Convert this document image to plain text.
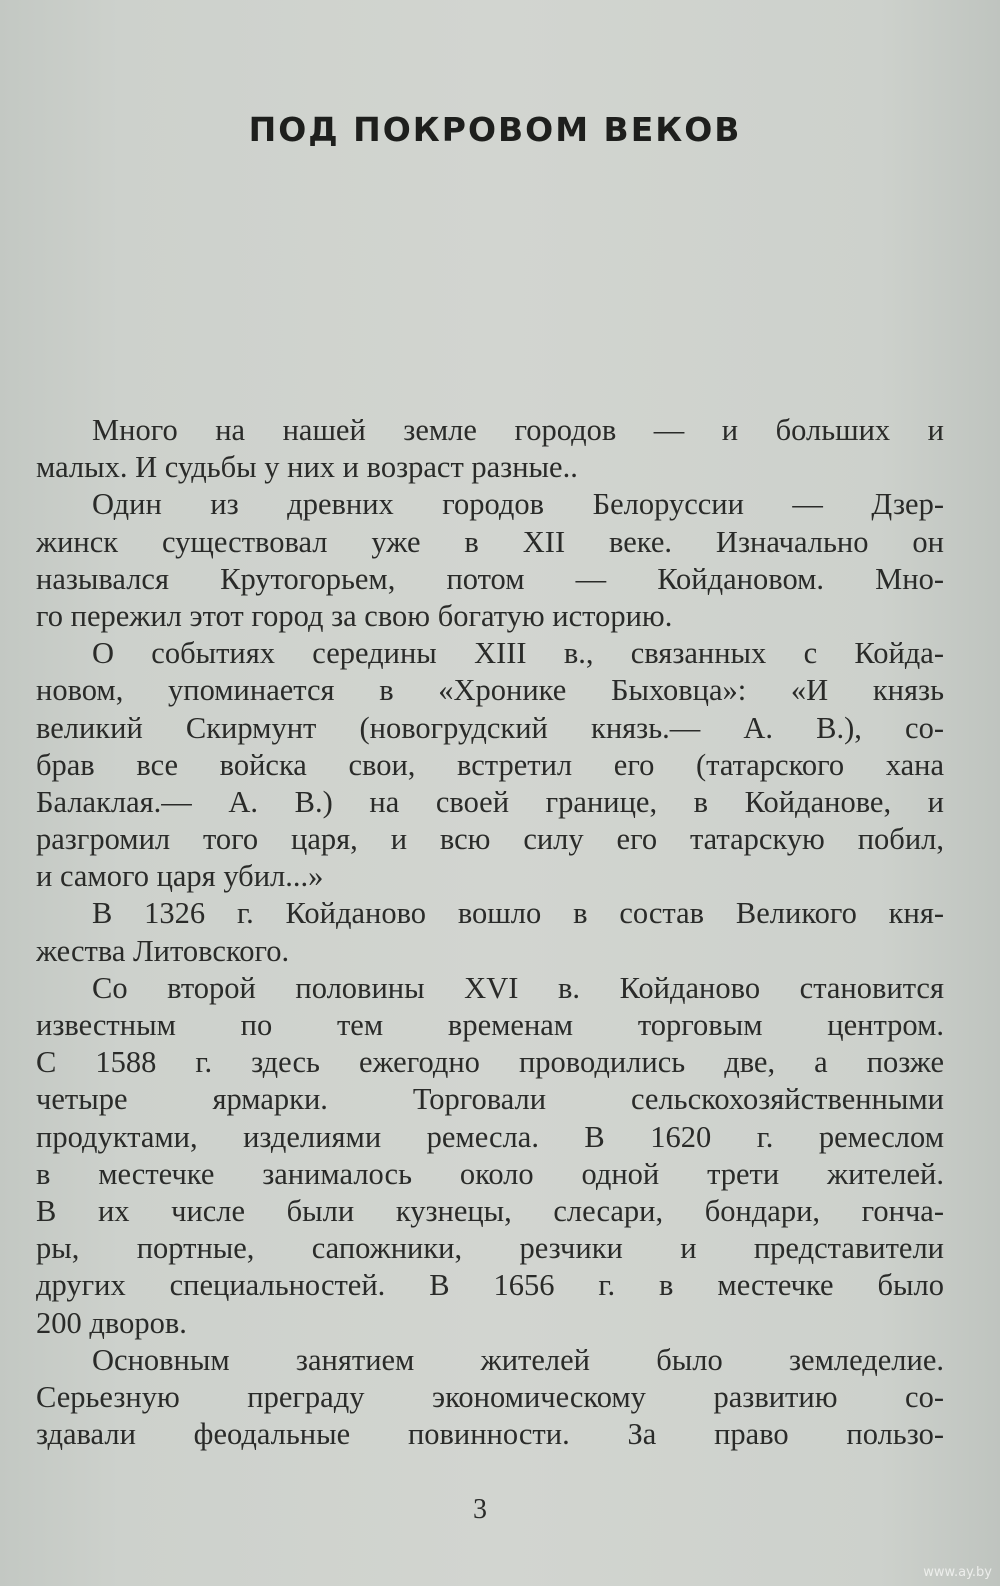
ПОД ПОКРОВОМ ВЕКОВ
Много на нашей земле городов — и больших и
малых. И судьбы у них и возраст разные..
Один из древних городов Белоруссии — Дзер-
жинск существовал уже в XII веке. Изначально он
назывался Крутогорьем, потом — Койдановом. Мно-
го пережил этот город за свою богатую историю.
О событиях середины XIII в., связанных с Койда-
новом, упоминается в «Хронике Быховца»: «И князь
великий Скирмунт (новогрудский князь.— А. В.), со-
брав все войска свои, встретил его (татарского хана
Балаклая.— А. В.) на своей границе, в Койданове, и
разгромил того царя, и всю силу его татарскую побил,
и самого царя убил...»
В 1326 г. Койданово вошло в состав Великого кня-
жества Литовского.
Со второй половины XVI в. Койданово становится
известным по тем временам торговым центром.
С 1588 г. здесь ежегодно проводились две, а позже
четыре ярмарки. Торговали сельскохозяйственными
продуктами, изделиями ремесла. В 1620 г. ремеслом
в местечке занималось около одной трети жителей.
В их числе были кузнецы, слесари, бондари, гонча-
ры, портные, сапожники, резчики и представители
других специальностей. В 1656 г. в местечке было
200 дворов.
Основным занятием жителей было земледелие.
Серьезную преграду экономическому развитию со-
здавали феодальные повинности. За право пользо-
3
www.ay.by
